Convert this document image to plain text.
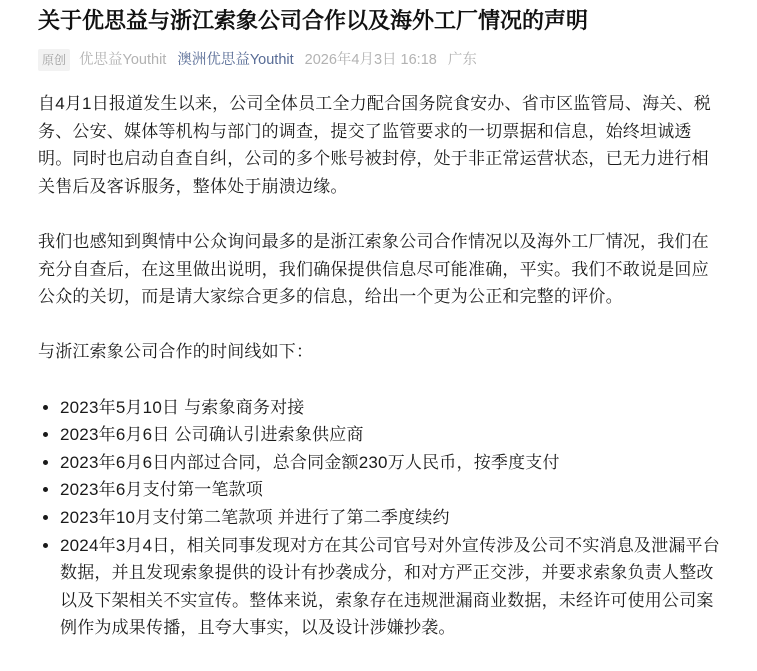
关于优思益与浙江索象公司合作以及海外工厂情况的声明
原创 优思益Youthit 澳洲优思益Youthit 2026年4月3日 16:18 广东

自4月1日报道发生以来，公司全体员工全力配合国务院食安办、省市区监管局、海关、税务、公安、媒体等机构与部门的调查，提交了监管要求的一切票据和信息，始终坦诚透明。同时也启动自查自纠，公司的多个账号被封停，处于非正常运营状态，已无力进行相关售后及客诉服务，整体处于崩溃边缘。

我们也感知到舆情中公众询问最多的是浙江索象公司合作情况以及海外工厂情况，我们在充分自查后，在这里做出说明，我们确保提供信息尽可能准确，平实。我们不敢说是回应公众的关切，而是请大家综合更多的信息，给出一个更为公正和完整的评价。

与浙江索象公司合作的时间线如下：

• 2023年5月10日 与索象商务对接
• 2023年6月6日 公司确认引进索象供应商
• 2023年6月6日内部过合同，总合同金额230万人民币，按季度支付
• 2023年6月支付第一笔款项
• 2023年10月支付第二笔款项 并进行了第二季度续约
• 2024年3月4日，相关同事发现对方在其公司官号对外宣传涉及公司不实消息及泄漏平台数据，并且发现索象提供的设计有抄袭成分，和对方严正交涉，并要求索象负责人整改以及下架相关不实宣传。整体来说，索象存在违规泄漏商业数据，未经许可使用公司案例作为成果传播，且夸大事实，以及设计涉嫌抄袭。
